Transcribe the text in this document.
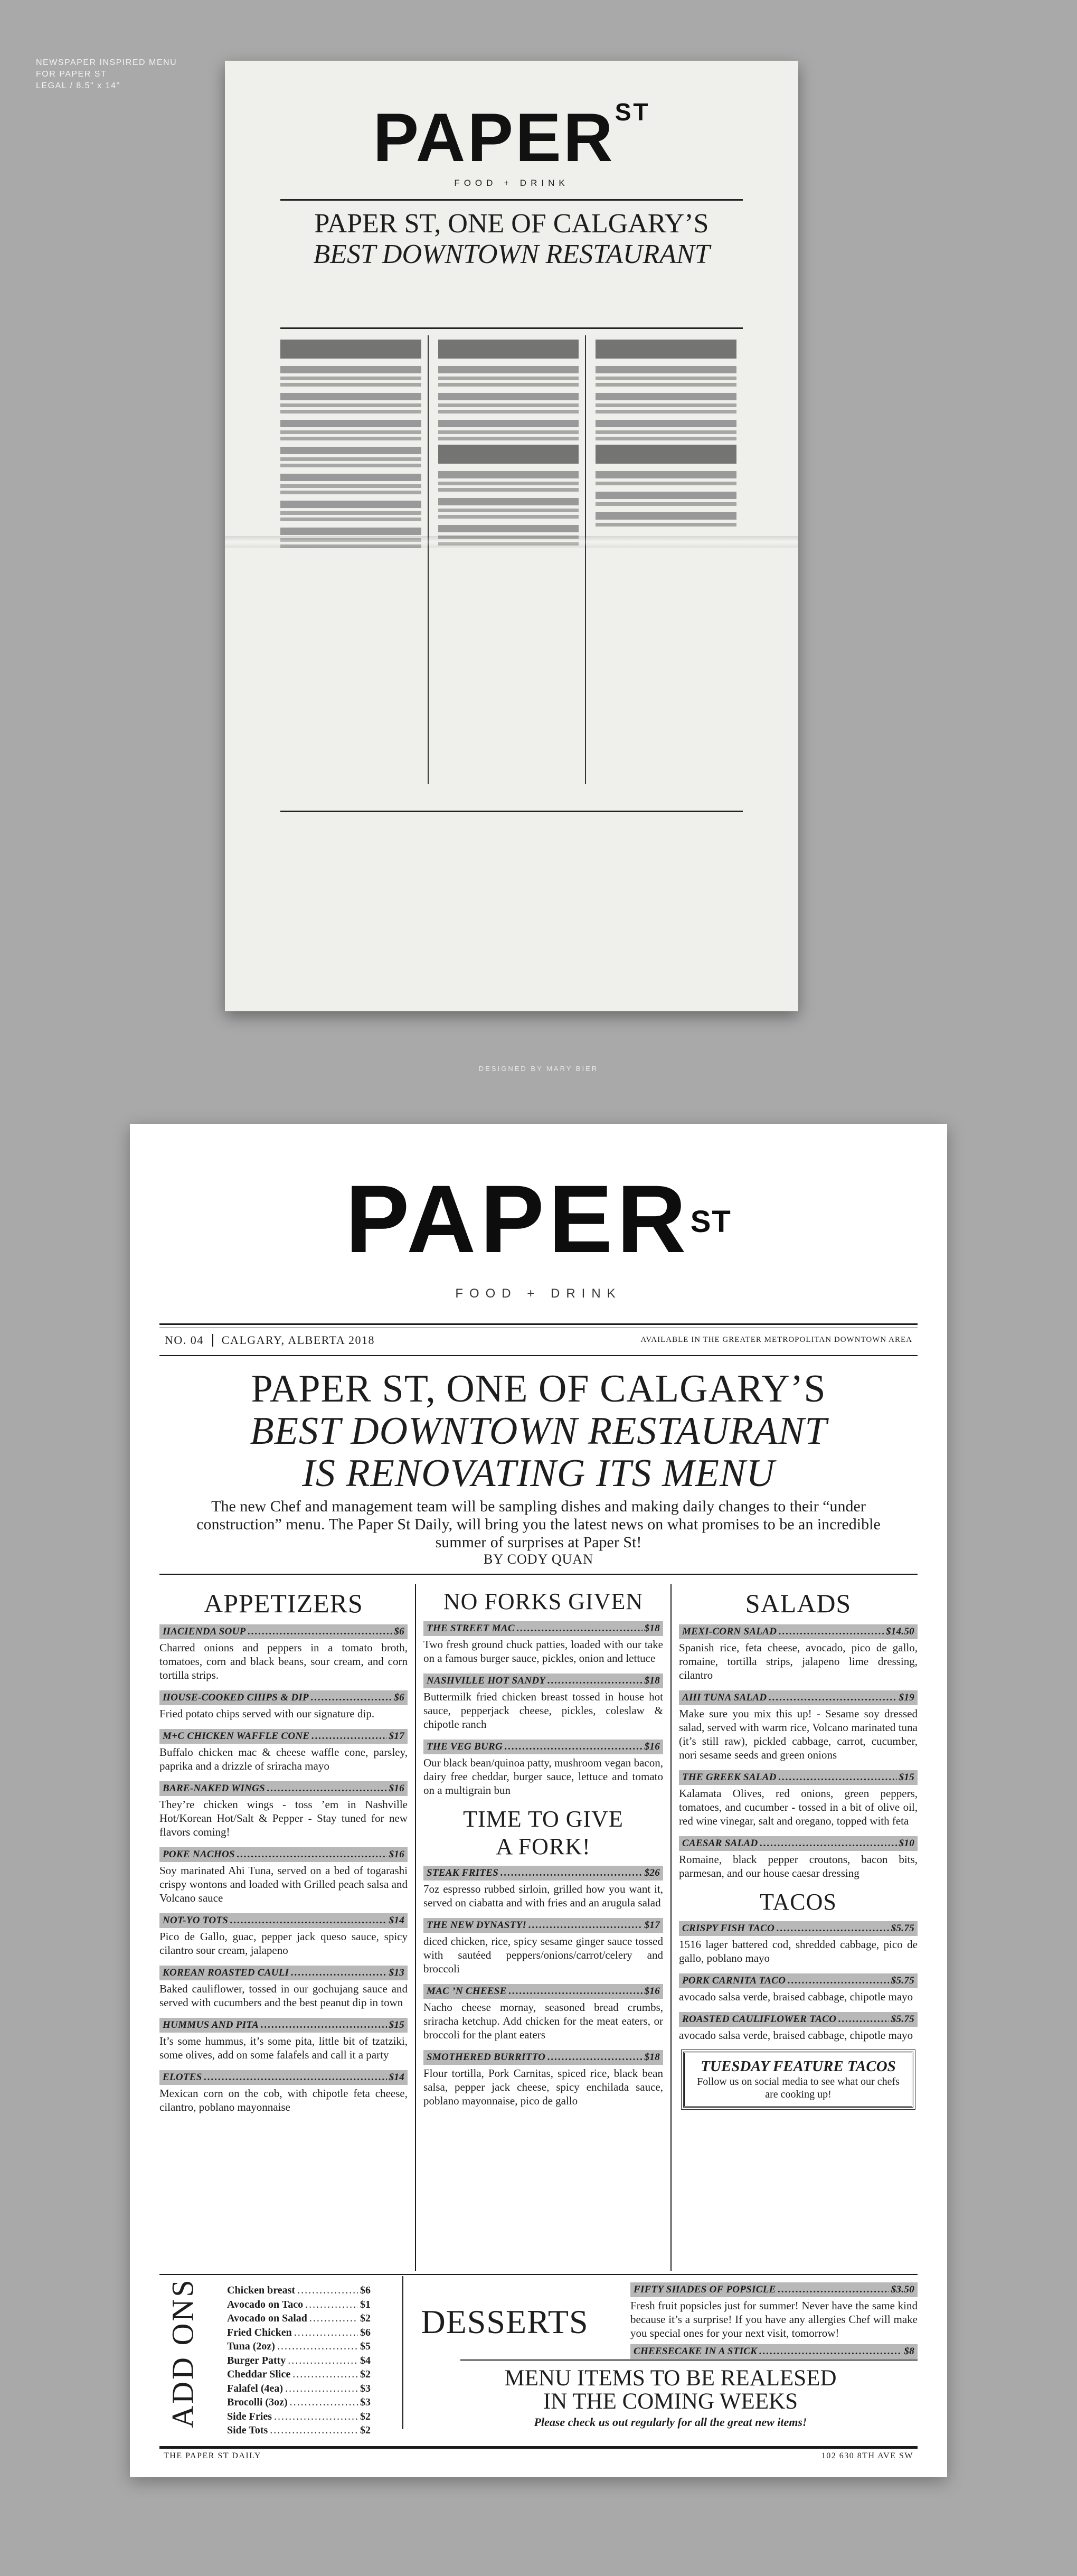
NEWSPAPER INSPIRED MENU
FOR PAPER ST
LEGAL / 8.5" x 14"
$PAPER^{ST}$
FOOD + DRINK
PAPER ST, ONE OF CALGARY’S
BEST DOWNTOWN RESTAURANT
DESIGNED BY MARY BIER
$PAPER^{ST}$
FOOD + DRINK
NO. 04	CALGARY, ALBERTA 2018	AVAILABLE IN THE GREATER METROPOLITAN DOWNTOWN AREA
PAPER ST, ONE OF CALGARY’S
BEST DOWNTOWN RESTAURANT
IS RENOVATING ITS MENU
The new Chef and management team will be sampling dishes and making daily changes to their “under construction” menu. The Paper St Daily, will bring you the latest news on what promises to be an incredible summer of surprises at Paper St!
BY CODY QUAN
APPETIZERS
HACIENDA SOUP .....	$6
Charred onions and peppers in a tomato broth, tomatoes, corn and black beans, sour cream, and corn tortilla strips.
HOUSE-COOKED CHIPS & DIP .....	$6
Fried potato chips served with our signature dip.
M+C CHICKEN WAFFLE CONE .....	$17
Buffalo chicken mac & cheese waffle cone, parsley, paprika and a drizzle of sriracha mayo
BARE-NAKED WINGS .....	$16
They’re chicken wings - toss ’em in Nashville Hot/Korean Hot/Salt & Pepper - Stay tuned for new flavors coming!
POKE NACHOS .....	$16
Soy marinated Ahi Tuna, served on a bed of togarashi crispy wontons and loaded with Grilled peach salsa and Volcano sauce
NOT-YO TOTS .....	$14
Pico de Gallo, guac, pepper jack queso sauce, spicy cilantro sour cream, jalapeno
KOREAN ROASTED CAULI .....	$13
Baked cauliflower, tossed in our gochujang sauce and served with cucumbers and the best peanut dip in town
HUMMUS AND PITA .....	$15
It’s some hummus, it’s some pita, little bit of tzatziki, some olives, add on some falafels and call it a party
ELOTES .....	$14
Mexican corn on the cob, with chipotle feta cheese, cilantro, poblano mayonnaise
NO FORKS GIVEN
THE STREET MAC .....	$18
Two fresh ground chuck patties, loaded with our take on a famous burger sauce, pickles, onion and lettuce
NASHVILLE HOT SANDY .....	$18
Buttermilk fried chicken breast tossed in house hot sauce, pepperjack cheese, pickles, coleslaw & chipotle ranch
THE VEG BURG .....	$16
Our black bean/quinoa patty, mushroom vegan bacon, dairy free cheddar, burger sauce, lettuce and tomato on a multigrain bun
TIME TO GIVE
A FORK!
STEAK FRITES .....	$26
7oz espresso rubbed sirloin, grilled how you want it, served on ciabatta and with fries and an arugula salad
THE NEW DYNASTY! .....	$17
diced chicken, rice, spicy sesame ginger sauce tossed with sautéed peppers/onions/carrot/celery and broccoli
MAC ’N CHEESE .....	$16
Nacho cheese mornay, seasoned bread crumbs, sriracha ketchup. Add chicken for the meat eaters, or broccoli for the plant eaters
SMOTHERED BURRITTO .....	$18
Flour tortilla, Pork Carnitas, spiced rice, black bean salsa, pepper jack cheese, spicy enchilada sauce, poblano mayonnaise, pico de gallo
SALADS
MEXI-CORN SALAD .....	$14.50
Spanish rice, feta cheese, avocado, pico de gallo, romaine, tortilla strips, jalapeno lime dressing, cilantro
AHI TUNA SALAD .....	$19
Make sure you mix this up! - Sesame soy dressed salad, served with warm rice, Volcano marinated tuna (it’s still raw), pickled cabbage, carrot, cucumber, nori sesame seeds and green onions
THE GREEK SALAD .....	$15
Kalamata Olives, red onions, green peppers, tomatoes, and cucumber - tossed in a bit of olive oil, red wine vinegar, salt and oregano, topped with feta
CAESAR SALAD .....	$10
Romaine, black pepper croutons, bacon bits, parmesan, and our house caesar dressing
TACOS
CRISPY FISH TACO .....	$5.75
1516 lager battered cod, shredded cabbage, pico de gallo, poblano mayo
PORK CARNITA TACO .....	$5.75
avocado salsa verde, braised cabbage, chipotle mayo
ROASTED CAULIFLOWER TACO .....	$5.75
avocado salsa verde, braised cabbage, chipotle mayo
TUESDAY FEATURE TACOS
Follow us on social media to see what our chefs are cooking up!
ADD ONS	Chicken breast .....	$6
Avocado on Taco .....	$1
Avocado on Salad .....	$2
Fried Chicken .....	$6
Tuna (2oz) .....	$5
Burger Patty .....	$4
Cheddar Slice .....	$2
Falafel (4ea) .....	$3
Brocolli (3oz) .....	$3
Side Fries .....	$2
Side Tots .....	$2
DESSERTS
FIFTY SHADES OF POPSICLE .....	$3.50
Fresh fruit popsicles just for summer! Never have the same kind because it’s a surprise! If you have any allergies Chef will make you special ones for your next visit, tomorrow!
CHEESECAKE IN A STICK .....	$8
MENU ITEMS TO BE REALESED
IN THE COMING WEEKS
Please check us out regularly for all the great new items!
THE PAPER ST DAILY	102 630 8TH AVE SW
